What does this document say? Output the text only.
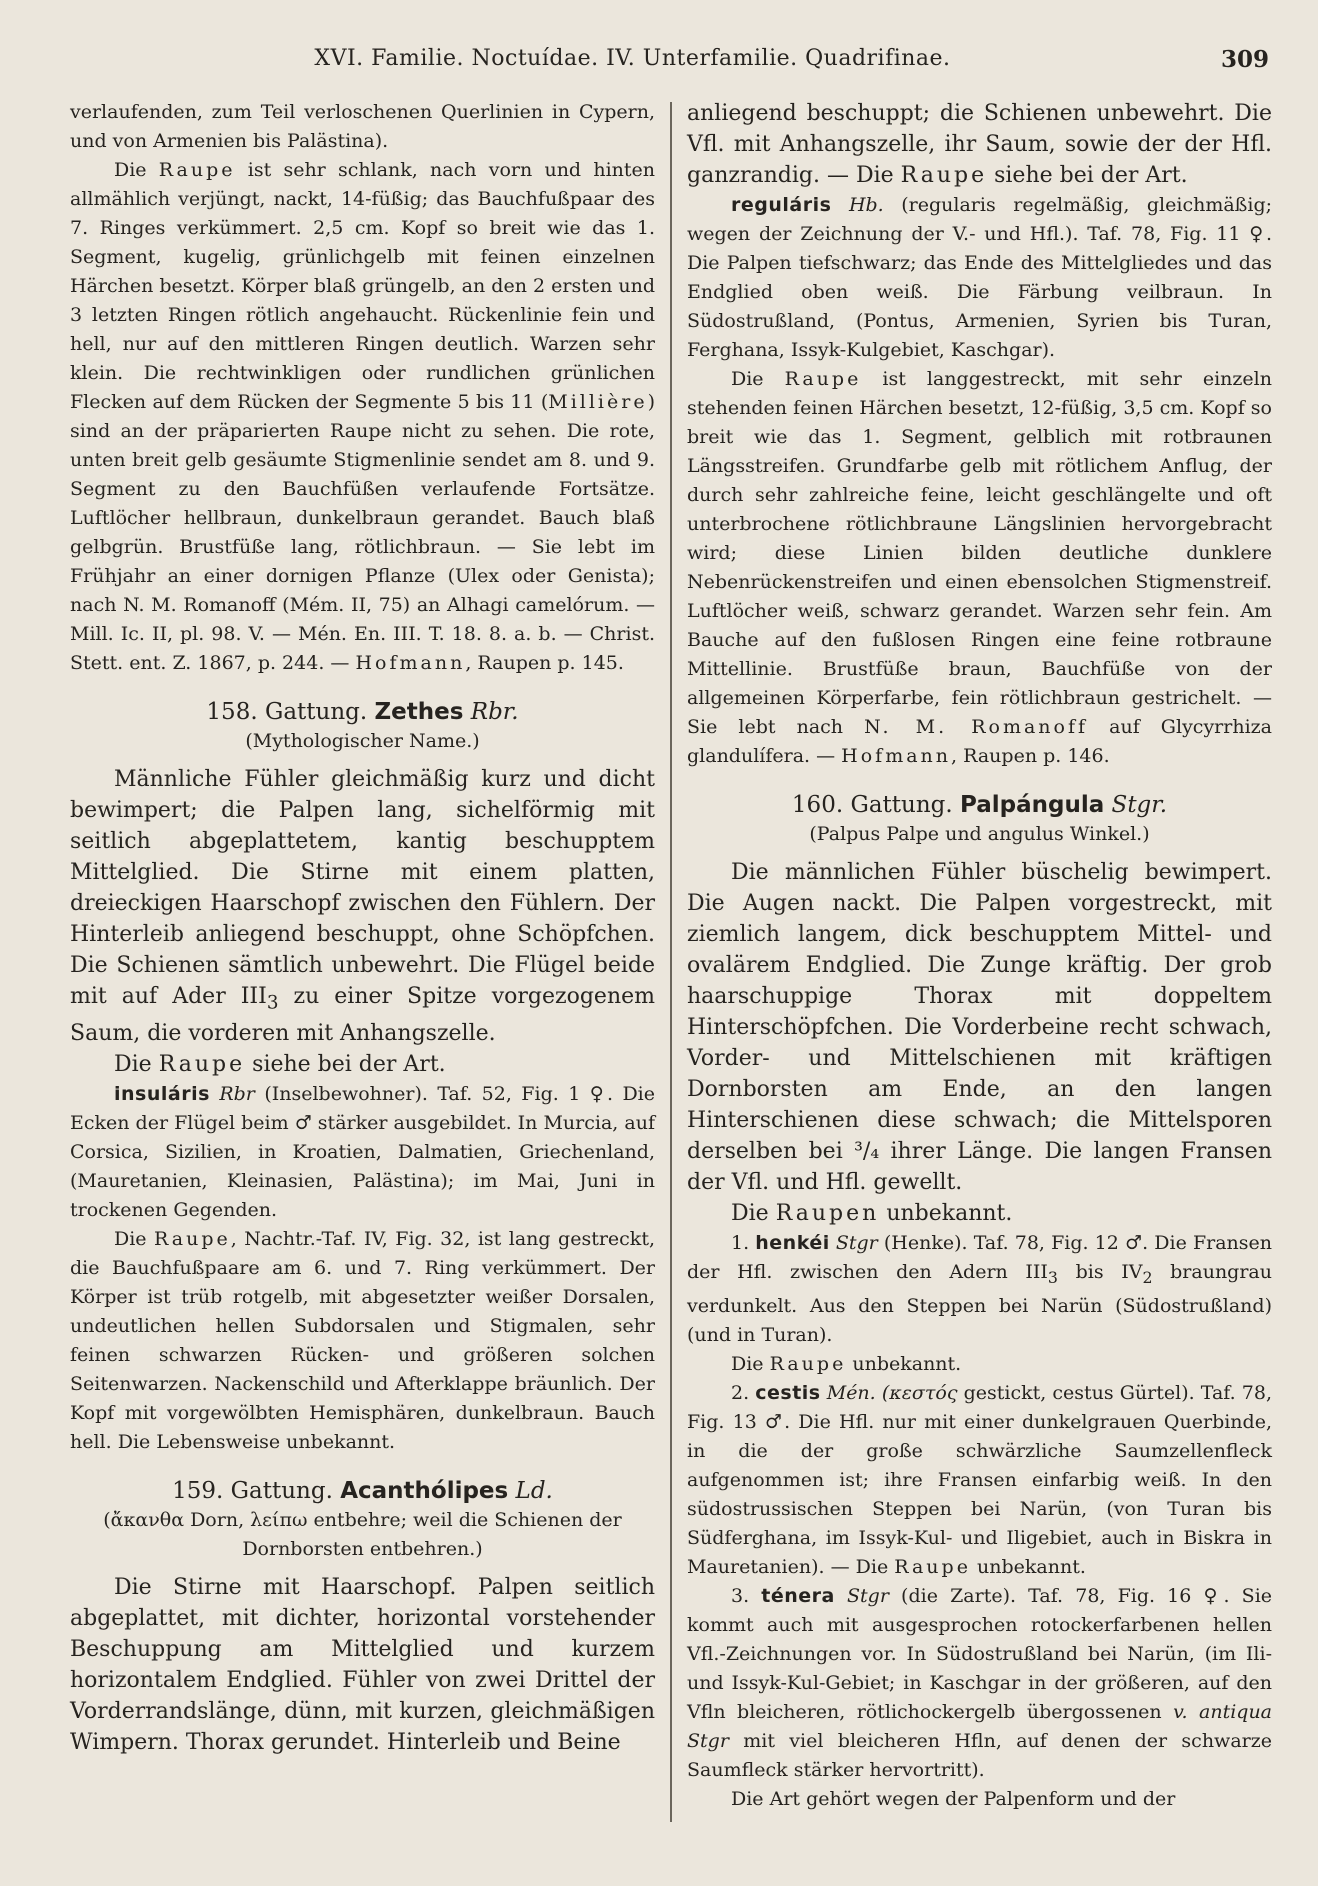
XVI. Familie. Noctuídae. IV. Unterfamilie. Quadrifinae.	309

verlaufenden, zum Teil verloschenen Querlinien in Cypern, und von Armenien bis Palästina).

Die Raupe ist sehr schlank, nach vorn und hinten allmählich verjüngt, nackt, 14-füßig; das Bauchfußpaar des 7. Ringes verkümmert. 2,5 cm. Kopf so breit wie das 1. Segment, kugelig, grünlichgelb mit feinen einzelnen Härchen besetzt. Körper blaß grüngelb, an den 2 ersten und 3 letzten Ringen rötlich angehaucht. Rückenlinie fein und hell, nur auf den mittleren Ringen deutlich. Warzen sehr klein. Die rechtwinkligen oder rundlichen grünlichen Flecken auf dem Rücken der Segmente 5 bis 11 (Millière) sind an der präparierten Raupe nicht zu sehen. Die rote, unten breit gelb gesäumte Stigmenlinie sendet am 8. und 9. Segment zu den Bauchfüßen verlaufende Fortsätze. Luftlöcher hellbraun, dunkelbraun gerandet. Bauch blaß gelbgrün. Brustfüße lang, rötlichbraun. — Sie lebt im Frühjahr an einer dornigen Pflanze (Ulex oder Genista); nach N. M. Romanoff (Mém. II, 75) an Alhagi camelórum. — Mill. Ic. II, pl. 98. V. — Mén. En. III. T. 18. 8. a. b. — Christ. Stett. ent. Z. 1867, p. 244. — Hofmann, Raupen p. 145.

158. Gattung. Zethes Rbr.
(Mythologischer Name.)

Männliche Fühler gleichmäßig kurz und dicht bewimpert; die Palpen lang, sichelförmig mit seitlich abgeplattetem, kantig beschupptem Mittelglied. Die Stirne mit einem platten, dreieckigen Haarschopf zwischen den Fühlern. Der Hinterleib anliegend beschuppt, ohne Schöpfchen. Die Schienen sämtlich unbewehrt. Die Flügel beide mit auf Ader $III_3$ zu einer Spitze vorgezogenem Saum, die vorderen mit Anhangszelle.

Die Raupe siehe bei der Art.

insuláris Rbr (Inselbewohner). Taf. 52, Fig. 1 ♀. Die Ecken der Flügel beim ♂ stärker ausgebildet. In Murcia, auf Corsica, Sizilien, in Kroatien, Dalmatien, Griechenland, (Mauretanien, Kleinasien, Palästina); im Mai, Juni in trockenen Gegenden.

Die Raupe, Nachtr.-Taf. IV, Fig. 32, ist lang gestreckt, die Bauchfußpaare am 6. und 7. Ring verkümmert. Der Körper ist trüb rotgelb, mit abgesetzter weißer Dorsalen, undeutlichen hellen Subdorsalen und Stigmalen, sehr feinen schwarzen Rücken- und größeren solchen Seitenwarzen. Nackenschild und Afterklappe bräunlich. Der Kopf mit vorgewölbten Hemisphären, dunkelbraun. Bauch hell. Die Lebensweise unbekannt.

159. Gattung. Acanthólipes Ld.
(ἄκανθα Dorn, λείπω entbehre; weil die Schienen der Dornborsten entbehren.)

Die Stirne mit Haarschopf. Palpen seitlich abgeplattet, mit dichter, horizontal vorstehender Beschuppung am Mittelglied und kurzem horizontalem Endglied. Fühler von zwei Drittel der Vorderrandslänge, dünn, mit kurzen, gleichmäßigen Wimpern. Thorax gerundet. Hinterleib und Beine

anliegend beschuppt; die Schienen unbewehrt. Die Vfl. mit Anhangszelle, ihr Saum, sowie der der Hfl. ganzrandig. — Die Raupe siehe bei der Art.

reguláris Hb. (regularis regelmäßig, gleichmäßig; wegen der Zeichnung der V.- und Hfl.). Taf. 78, Fig. 11 ♀. Die Palpen tiefschwarz; das Ende des Mittelgliedes und das Endglied oben weiß. Die Färbung veilbraun. In Südostrußland, (Pontus, Armenien, Syrien bis Turan, Ferghana, Issyk-Kulgebiet, Kaschgar).

Die Raupe ist langgestreckt, mit sehr einzeln stehenden feinen Härchen besetzt, 12-füßig, 3,5 cm. Kopf so breit wie das 1. Segment, gelblich mit rotbraunen Längsstreifen. Grundfarbe gelb mit rötlichem Anflug, der durch sehr zahlreiche feine, leicht geschlängelte und oft unterbrochene rötlichbraune Längslinien hervorgebracht wird; diese Linien bilden deutliche dunklere Nebenrückenstreifen und einen ebensolchen Stigmenstreif. Luftlöcher weiß, schwarz gerandet. Warzen sehr fein. Am Bauche auf den fußlosen Ringen eine feine rotbraune Mittellinie. Brustfüße braun, Bauchfüße von der allgemeinen Körperfarbe, fein rötlichbraun gestrichelt. — Sie lebt nach N. M. Romanoff auf Glycyrrhiza glandulífera. — Hofmann, Raupen p. 146.

160. Gattung. Palpángula Stgr.
(Palpus Palpe und angulus Winkel.)

Die männlichen Fühler büschelig bewimpert. Die Augen nackt. Die Palpen vorgestreckt, mit ziemlich langem, dick beschupptem Mittel- und ovalärem Endglied. Die Zunge kräftig. Der grob haarschuppige Thorax mit doppeltem Hinterschöpfchen. Die Vorderbeine recht schwach, Vorder- und Mittelschienen mit kräftigen Dornborsten am Ende, an den langen Hinterschienen diese schwach; die Mittelsporen derselben bei ³/₄ ihrer Länge. Die langen Fransen der Vfl. und Hfl. gewellt.

Die Raupen unbekannt.

1. henkéi Stgr (Henke). Taf. 78, Fig. 12 ♂. Die Fransen der Hfl. zwischen den Adern $III_3$ bis $IV_2$ braungrau verdunkelt. Aus den Steppen bei Narün (Südostrußland) (und in Turan).

Die Raupe unbekannt.

2. cestis Mén. (κεστός gestickt, cestus Gürtel). Taf. 78, Fig. 13 ♂. Die Hfl. nur mit einer dunkelgrauen Querbinde, in die der große schwärzliche Saumzellenfleck aufgenommen ist; ihre Fransen einfarbig weiß. In den südostrussischen Steppen bei Narün, (von Turan bis Südferghana, im Issyk-Kul- und Iligebiet, auch in Biskra in Mauretanien). — Die Raupe unbekannt.

3. ténera Stgr (die Zarte). Taf. 78, Fig. 16 ♀. Sie kommt auch mit ausgesprochen rotockerfarbenen hellen Vfl.-Zeichnungen vor. In Südostrußland bei Narün, (im Ili- und Issyk-Kul-Gebiet; in Kaschgar in der größeren, auf den Vfln bleicheren, rötlichockergelb übergossenen v. antiqua Stgr mit viel bleicheren Hfln, auf denen der schwarze Saumfleck stärker hervortritt).

Die Art gehört wegen der Palpenform und der
